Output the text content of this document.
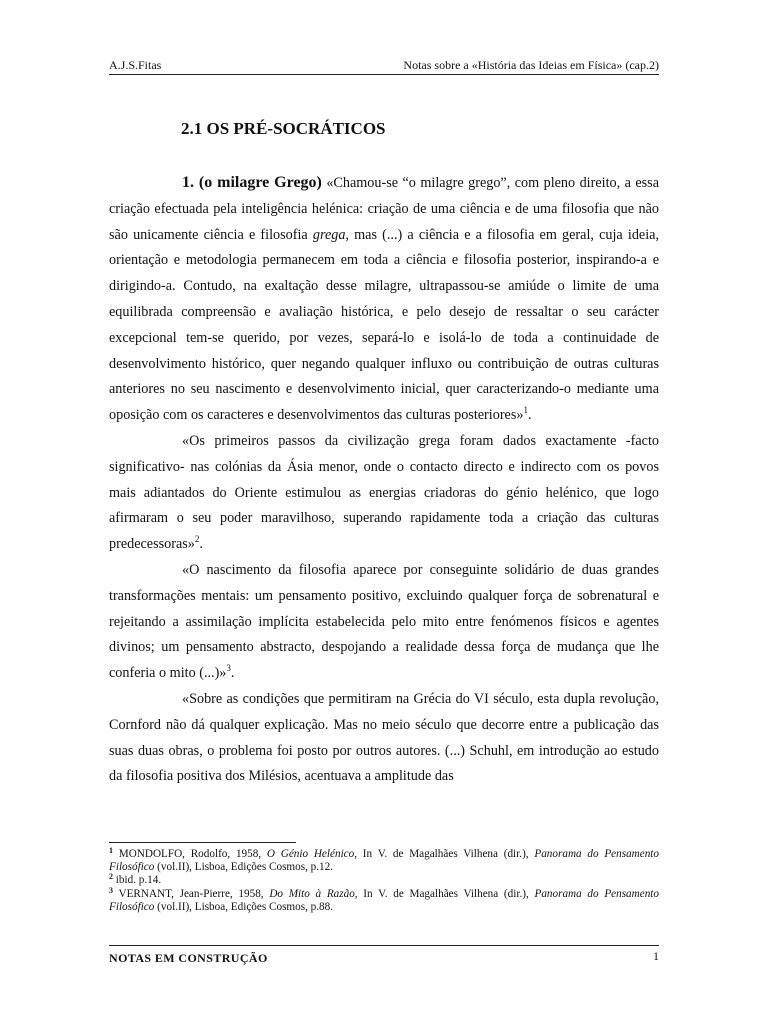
A.J.S.Fitas	Notas sobre a «História das Ideias em Física» (cap.2)
2.1 OS PRÉ-SOCRÁTICOS

1. (o milagre Grego) «Chamou-se “o milagre grego”, com pleno direito, a essa criação efectuada pela inteligência helénica: criação de uma ciência e de uma filosofia que não são unicamente ciência e filosofia grega, mas (...) a ciência e a filosofia em geral, cuja ideia, orientação e metodologia permanecem em toda a ciência e filosofia posterior, inspirando-a e dirigindo-a. Contudo, na exaltação desse milagre, ultrapassou-se amiúde o limite de uma equilibrada compreensão e avaliação histórica, e pelo desejo de ressaltar o seu carácter excepcional tem-se querido, por vezes, separá-lo e isolá-lo de toda a continuidade de desenvolvimento histórico, quer negando qualquer influxo ou contribuição de outras culturas anteriores no seu nascimento e desenvolvimento inicial, quer caracterizando-o mediante uma oposição com os caracteres e desenvolvimentos das culturas posteriores»$^1$.

«Os primeiros passos da civilização grega foram dados exactamente -facto significativo- nas colónias da Ásia menor, onde o contacto directo e indirecto com os povos mais adiantados do Oriente estimulou as energias criadoras do génio helénico, que logo afirmaram o seu poder maravilhoso, superando rapidamente toda a criação das culturas predecessoras»$^2$.

«O nascimento da filosofia aparece por conseguinte solidário de duas grandes transformações mentais: um pensamento positivo, excluindo qualquer força de sobrenatural e rejeitando a assimilação implícita estabelecida pelo mito entre fenómenos físicos e agentes divinos; um pensamento abstracto, despojando a realidade dessa força de mudança que lhe conferia o mito (...)»$^3$.

«Sobre as condições que permitiram na Grécia do VI século, esta dupla revolução, Cornford não dá qualquer explicação. Mas no meio século que decorre entre a publicação das suas duas obras, o problema foi posto por outros autores. (...) Schuhl, em introdução ao estudo da filosofia positiva dos Milésios, acentuava a amplitude das

$^1$ MONDOLFO, Rodolfo, 1958, O Génio Helénico, In V. de Magalhães Vilhena (dir.), Panorama do Pensamento Filosófico (vol.II), Lisboa, Edições Cosmos, p.12.

$^2$ ibid. p.14.

$^3$ VERNANT, Jean-Pierre, 1958, Do Mito à Razão, In V. de Magalhães Vilhena (dir.), Panorama do Pensamento Filosófico (vol.II), Lisboa, Edições Cosmos, p.88.

NOTAS EM CONSTRUÇÃO	1
